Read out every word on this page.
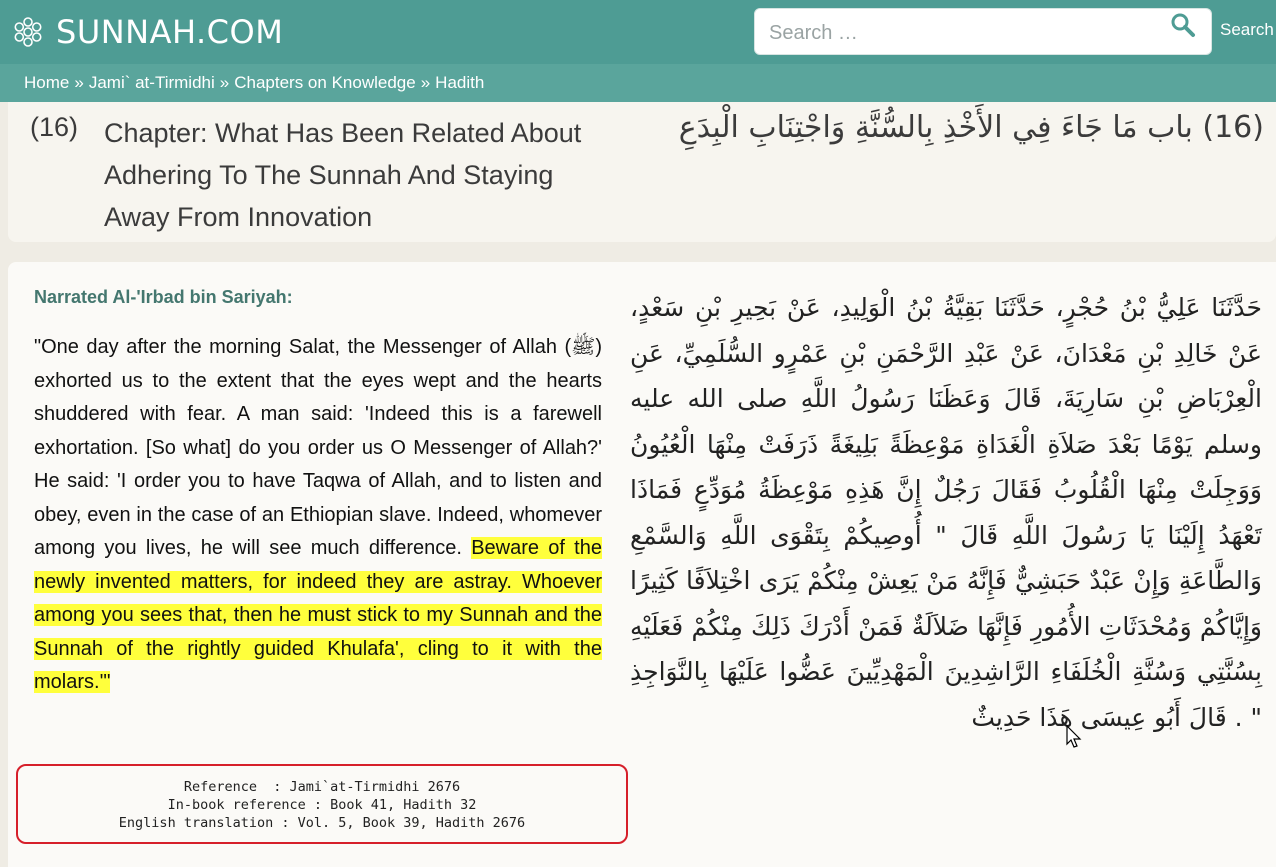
SUNNAH.COM
Search …	Search
Home » Jami` at-Tirmidhi » Chapters on Knowledge » Hadith
(16) Chapter: What Has Been Related About Adhering To The Sunnah And Staying Away From Innovation
(16) باب مَا جَاءَ فِي الأَخْذِ بِالسُّنَّةِ وَاجْتِنَابِ الْبِدَعِ
Narrated Al-'Irbad bin Sariyah:
"One day after the morning Salat, the Messenger of Allah (ﷺ) exhorted us to the extent that the eyes wept and the hearts shuddered with fear. A man said: 'Indeed this is a farewell exhortation. [So what] do you order us O Messenger of Allah?' He said: 'I order you to have Taqwa of Allah, and to listen and obey, even in the case of an Ethiopian slave. Indeed, whomever among you lives, he will see much difference. Beware of the newly invented matters, for indeed they are astray. Whoever among you sees that, then he must stick to my Sunnah and the Sunnah of the rightly guided Khulafa', cling to it with the molars.'"
Reference  : Jami`at-Tirmidhi 2676
In-book reference : Book 41, Hadith 32
English translation : Vol. 5, Book 39, Hadith 2676
حَدَّثَنَا عَلِيُّ بْنُ حُجْرٍ، حَدَّثَنَا بَقِيَّةُ بْنُ الْوَلِيدِ، عَنْ بَحِيرِ بْنِ سَعْدٍ، عَنْ خَالِدِ بْنِ مَعْدَانَ، عَنْ عَبْدِ الرَّحْمَنِ بْنِ عَمْرٍو السُّلَمِيِّ، عَنِ الْعِرْبَاضِ بْنِ سَارِيَةَ، قَالَ وَعَظَنَا رَسُولُ اللَّهِ صلى الله عليه وسلم يَوْمًا بَعْدَ صَلاَةِ الْغَدَاةِ مَوْعِظَةً بَلِيغَةً ذَرَفَتْ مِنْهَا الْعُيُونُ وَوَجِلَتْ مِنْهَا الْقُلُوبُ فَقَالَ رَجُلٌ إِنَّ هَذِهِ مَوْعِظَةُ مُوَدِّعٍ فَمَاذَا تَعْهَدُ إِلَيْنَا يَا رَسُولَ اللَّهِ قَالَ " أُوصِيكُمْ بِتَقْوَى اللَّهِ وَالسَّمْعِ وَالطَّاعَةِ وَإِنْ عَبْدٌ حَبَشِيٌّ فَإِنَّهُ مَنْ يَعِشْ مِنْكُمْ يَرَى اخْتِلاَفًا كَثِيرًا وَإِيَّاكُمْ وَمُحْدَثَاتِ الأُمُورِ فَإِنَّهَا ضَلاَلَةٌ فَمَنْ أَدْرَكَ ذَلِكَ مِنْكُمْ فَعَلَيْهِ بِسُنَّتِي وَسُنَّةِ الْخُلَفَاءِ الرَّاشِدِينَ الْمَهْدِيِّينَ عَضُّوا عَلَيْهَا بِالنَّوَاجِذِ " . قَالَ أَبُو عِيسَى هَذَا حَدِيثٌ
